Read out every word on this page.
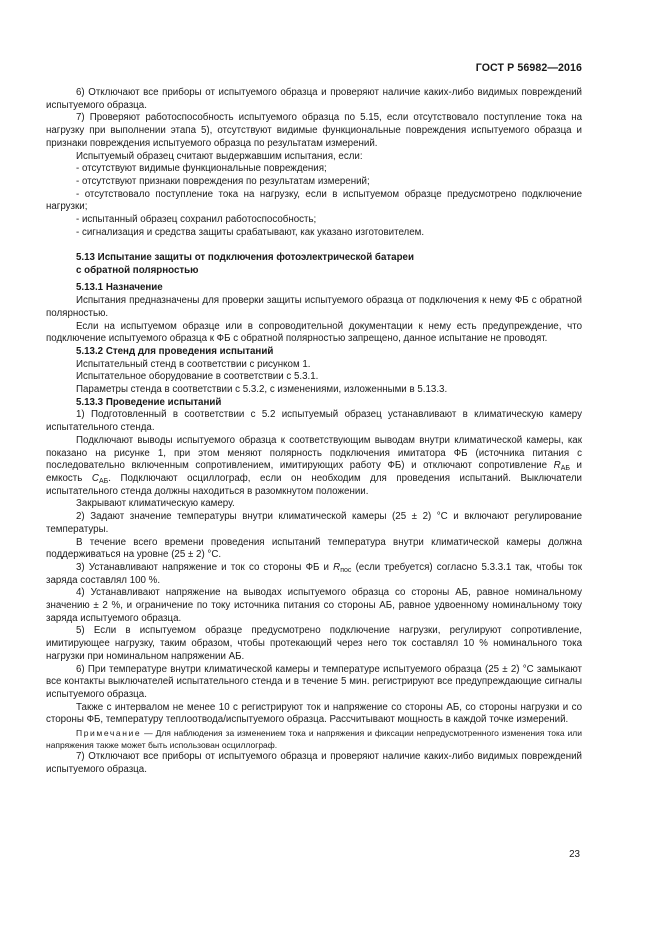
ГОСТ Р 56982—2016

6) Отключают все приборы от испытуемого образца и проверяют наличие каких-либо видимых повреждений испытуемого образца.

7) Проверяют работоспособность испытуемого образца по 5.15, если отсутствовало поступление тока на нагрузку при выполнении этапа 5), отсутствуют видимые функциональные повреждения испытуемого образца и признаки повреждения испытуемого образца по результатам измерений.

Испытуемый образец считают выдержавшим испытания, если:

- отсутствуют видимые функциональные повреждения;

- отсутствуют признаки повреждения по результатам измерений;

- отсутствовало поступление тока на нагрузку, если в испытуемом образце предусмотрено подключение нагрузки;

- испытанный образец сохранил работоспособность;

- сигнализация и средства защиты срабатывают, как указано изготовителем.

5.13 Испытание защиты от подключения фотоэлектрической батареи
с обратной полярностью
5.13.1 Назначение

Испытания предназначены для проверки защиты испытуемого образца от подключения к нему ФБ с обратной полярностью.

Если на испытуемом образце или в сопроводительной документации к нему есть предупреждение, что подключение испытуемого образца к ФБ с обратной полярностью запрещено, данное испытание не проводят.

5.13.2 Стенд для проведения испытаний

Испытательный стенд в соответствии с рисунком 1.

Испытательное оборудование в соответствии с 5.3.1.

Параметры стенда в соответствии с 5.3.2, с изменениями, изложенными в 5.13.3.

5.13.3 Проведение испытаний

1) Подготовленный в соответствии с 5.2 испытуемый образец устанавливают в климатическую камеру испытательного стенда.

Подключают выводы испытуемого образца к соответствующим выводам внутри климатической камеры, как показано на рисунке 1, при этом меняют полярность подключения имитатора ФБ (источника питания с последовательно включенным сопротивлением, имитирующих работу ФБ) и отключают сопротивление $R_{АБ}$ и емкость $C_{АБ}$. Подключают осциллограф, если он необходим для проведения испытаний. Выключатели испытательного стенда должны находиться в разомкнутом положении.

Закрывают климатическую камеру.

2) Задают значение температуры внутри климатической камеры (25 ± 2) °С и включают регулирование температуры.

В течение всего времени проведения испытаний температура внутри климатической камеры должна поддерживаться на уровне (25 ± 2) °С.

3) Устанавливают напряжение и ток со стороны ФБ и $R_{пос}$ (если требуется) согласно 5.3.3.1 так, чтобы ток заряда составлял 100 %.

4) Устанавливают напряжение на выводах испытуемого образца со стороны АБ, равное номинальному значению ± 2 %, и ограничение по току источника питания со стороны АБ, равное удвоенному номинальному току заряда испытуемого образца.

5) Если в испытуемом образце предусмотрено подключение нагрузки, регулируют сопротивление, имитирующее нагрузку, таким образом, чтобы протекающий через него ток составлял 10 % номинального тока нагрузки при номинальном напряжении АБ.

6) При температуре внутри климатической камеры и температуре испытуемого образца (25 ± 2) °С замыкают все контакты выключателей испытательного стенда и в течение 5 мин. регистрируют все предупреждающие сигналы испытуемого образца.

Также с интервалом не менее 10 с регистрируют ток и напряжение со стороны АБ, со стороны нагрузки и со стороны ФБ, температуру теплоотвода/испытуемого образца. Рассчитывают мощность в каждой точке измерений.

Примечание — Для наблюдения за изменением тока и напряжения и фиксации непредусмотренного изменения тока или напряжения также может быть использован осциллограф.

7) Отключают все приборы от испытуемого образца и проверяют наличие каких-либо видимых повреждений испытуемого образца.

23
